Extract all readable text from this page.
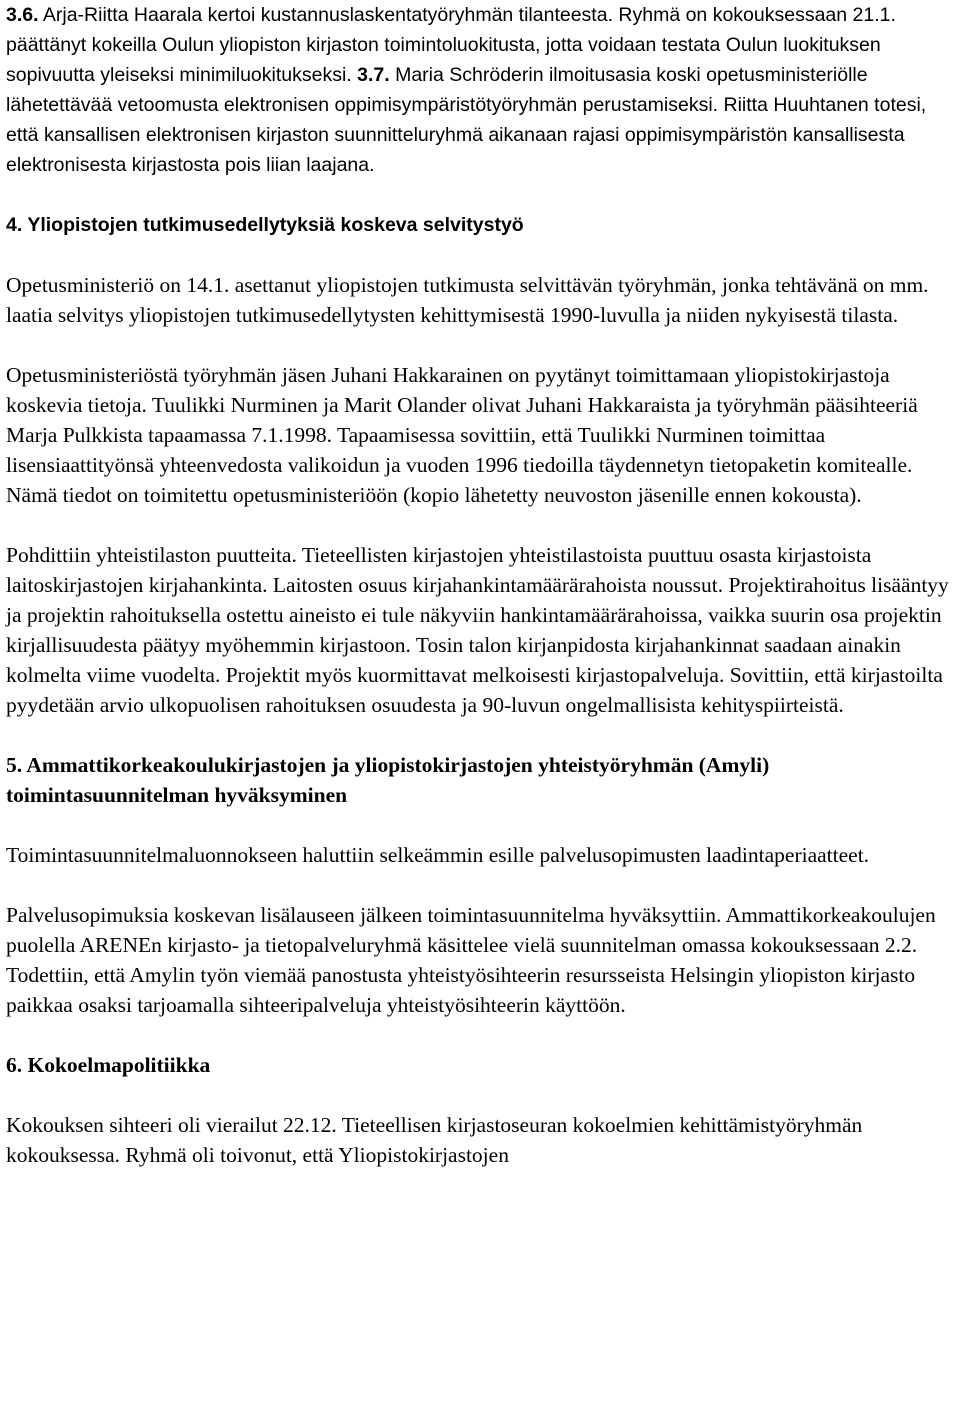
3.6. Arja-Riitta Haarala kertoi kustannuslaskentatyöryhmän tilanteesta. Ryhmä on kokouksessaan 21.1. päättänyt kokeilla Oulun yliopiston kirjaston toimintoluokitusta, jotta voidaan testata Oulun luokituksen sopivuutta yleiseksi minimiluokitukseksi. 3.7. Maria Schröderin ilmoitusasia koski opetusministeriölle lähetettävää vetoomusta elektronisen oppimisympäristötyöryhmän perustamiseksi. Riitta Huuhtanen totesi, että kansallisen elektronisen kirjaston suunnitteluryhmä aikanaan rajasi oppimisympäristön kansallisesta elektronisesta kirjastosta pois liian laajana.

4. Yliopistojen tutkimusedellytyksiä koskeva selvitystyö

Opetusministeriö on 14.1. asettanut yliopistojen tutkimusta selvittävän työryhmän, jonka tehtävänä on mm. laatia selvitys yliopistojen tutkimusedellytysten kehittymisestä 1990-luvulla ja niiden nykyisestä tilasta.

Opetusministeriöstä työryhmän jäsen Juhani Hakkarainen on pyytänyt toimittamaan yliopistokirjastoja koskevia tietoja. Tuulikki Nurminen ja Marit Olander olivat Juhani Hakkaraista ja työryhmän pääsihteeriä Marja Pulkkista tapaamassa 7.1.1998. Tapaamisessa sovittiin, että Tuulikki Nurminen toimittaa lisensiaattityönsä yhteenvedosta valikoidun ja vuoden 1996 tiedoilla täydennetyn tietopaketin komitealle. Nämä tiedot on toimitettu opetusministeriöön (kopio lähetetty neuvoston jäsenille ennen kokousta).

Pohdittiin yhteistilaston puutteita. Tieteellisten kirjastojen yhteistilastoista puuttuu osasta kirjastoista laitoskirjastojen kirjahankinta. Laitosten osuus kirjahankintamäärärahoista noussut. Projektirahoitus lisääntyy ja projektin rahoituksella ostettu aineisto ei tule näkyviin hankintamäärärahoissa, vaikka suurin osa projektin kirjallisuudesta päätyy myöhemmin kirjastoon. Tosin talon kirjanpidosta kirjahankinnat saadaan ainakin kolmelta viime vuodelta. Projektit myös kuormittavat melkoisesti kirjastopalveluja. Sovittiin, että kirjastoilta pyydetään arvio ulkopuolisen rahoituksen osuudesta ja 90-luvun ongelmallisista kehityspiirteistä.

5. Ammattikorkeakoulukirjastojen ja yliopistokirjastojen yhteistyöryhmän (Amyli) toimintasuunnitelman hyväksyminen

Toimintasuunnitelmaluonnokseen haluttiin selkeämmin esille palvelusopimusten laadintaperiaatteet.

Palvelusopimuksia koskevan lisälauseen jälkeen toimintasuunnitelma hyväksyttiin. Ammattikorkeakoulujen puolella ARENEn kirjasto- ja tietopalveluryhmä käsittelee vielä suunnitelman omassa kokouksessaan 2.2. Todettiin, että Amylin työn viemää panostusta yhteistyösihteerin resursseista Helsingin yliopiston kirjasto paikkaa osaksi tarjoamalla sihteeripalveluja yhteistyösihteerin käyttöön.

6. Kokoelmapolitiikka

Kokouksen sihteeri oli vierailut 22.12. Tieteellisen kirjastoseuran kokoelmien kehittämistyöryhmän kokouksessa. Ryhmä oli toivonut, että Yliopistokirjastojen
